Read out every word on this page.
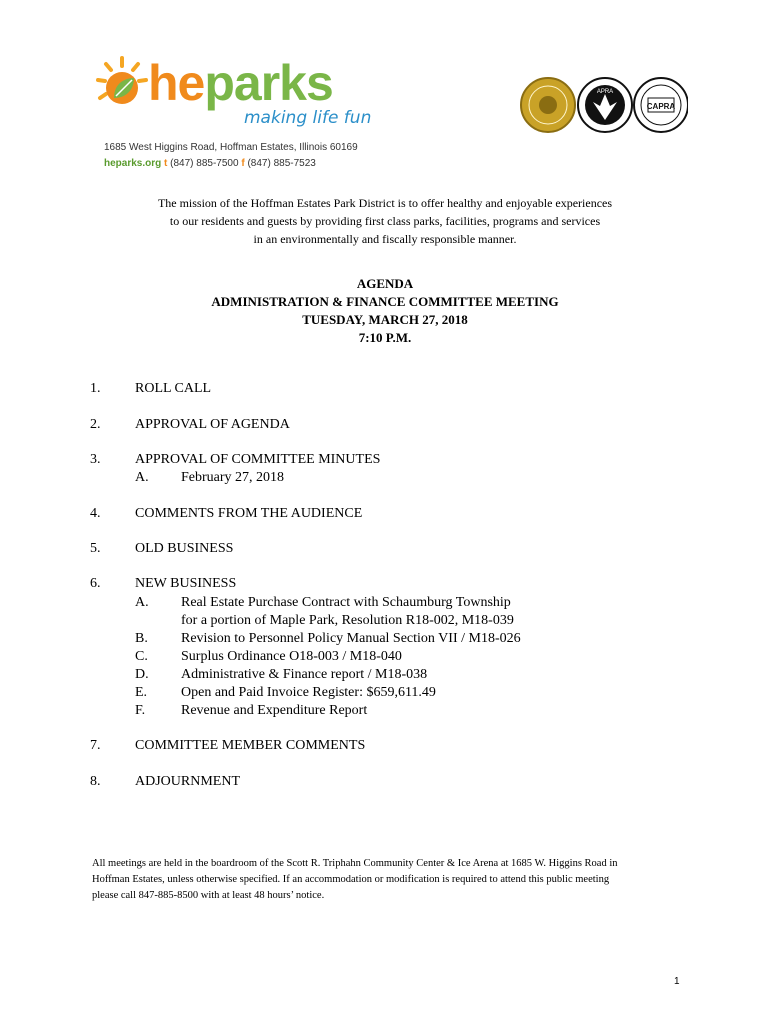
heparks
making life fun
1685 West Higgins Road, Hoffman Estates, Illinois 60169
heparks.org t (847) 885-7500 f (847) 885-7523
APRA
CAPRA
The mission of the Hoffman Estates Park District is to offer healthy and enjoyable experiences
to our residents and guests by providing first class parks, facilities, programs and services
in an environmentally and fiscally responsible manner.
AGENDA
ADMINISTRATION & FINANCE COMMITTEE MEETING
TUESDAY, MARCH 27, 2018
7:10 P.M.
1. ROLL CALL
2. APPROVAL OF AGENDA
3. APPROVAL OF COMMITTEE MINUTES
A. February 27, 2018
4. COMMENTS FROM THE AUDIENCE
5. OLD BUSINESS
6. NEW BUSINESS
A. Real Estate Purchase Contract with Schaumburg Township
for a portion of Maple Park, Resolution R18-002, M18-039
B. Revision to Personnel Policy Manual Section VII / M18-026
C. Surplus Ordinance O18-003 / M18-040
D. Administrative & Finance report / M18-038
E. Open and Paid Invoice Register: $659,611.49
F.	Revenue and Expenditure Report
7. COMMITTEE MEMBER COMMENTS
8. ADJOURNMENT
All meetings are held in the boardroom of the Scott R. Triphahn Community Center & Ice Arena at 1685 W. Higgins Road in
Hoffman Estates, unless otherwise specified. If an accommodation or modification is required to attend this public meeting
please call 847-885-8500 with at least 48 hours’ notice.
1
